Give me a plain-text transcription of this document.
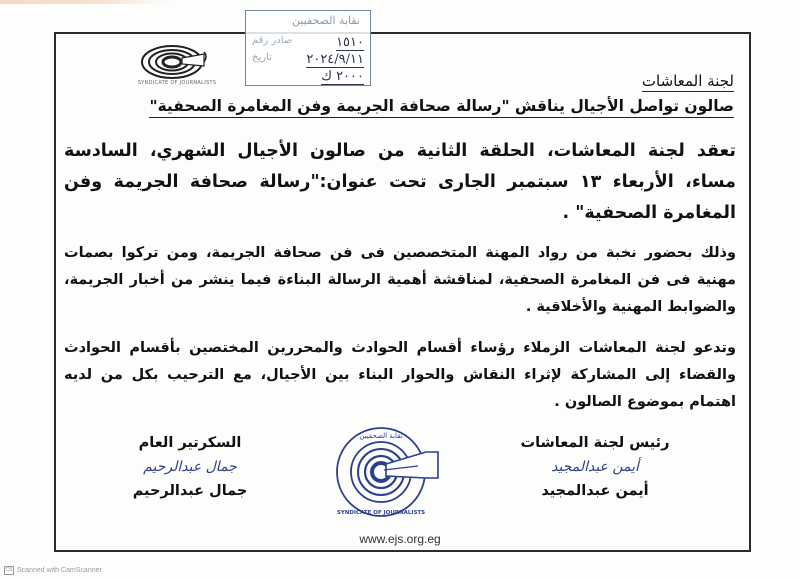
نقابة الصحفيين
١٥١٠
صادر رقم
٢٠٢٤/٩/١١
تاريخ
٢٠٠٠ ك
SYNDICATE OF JOURNALISTS	لجنة المعاشات
صالون تواصل الأجيال يناقش "رسالة صحافة الجريمة وفن المغامرة الصحفية"
تعقد لجنة المعاشات، الحلقة الثانية من صالون الأجيال الشهري، السادسة مساء، الأربعاء ١٣ سبتمبر الجارى تحت عنوان:"رسالة صحافة الجريمة وفن المغامرة الصحفية" .
وذلك بحضور نخبة من رواد المهنة المتخصصين فى فن صحافة الجريمة، ومن تركوا بصمات مهنية فى فن المغامرة الصحفية، لمناقشة أهمية الرسالة البناءة فيما ينشر من أخبار الجريمة، والضوابط المهنية والأخلاقية .
وتدعو لجنة المعاشات الزملاء رؤساء أقسام الحوادث والمحررين المختصين بأقسام الحوادث والقضاء إلى المشاركة لإثراء النقاش والحوار البناء بين الأجيال، مع الترحيب بكل من لديه اهتمام بموضوع الصالون .
السكرتير العام
جمال عبدالرحيم
جمال عبدالرحيم
نقابة الصحفيين
SYNDICATE OF JOURNALISTS
رئيس لجنة المعاشات
أيمن عبدالمجيد
أيمن عبدالمجيد
www.ejs.org.eg
CS Scanned with CamScanner
